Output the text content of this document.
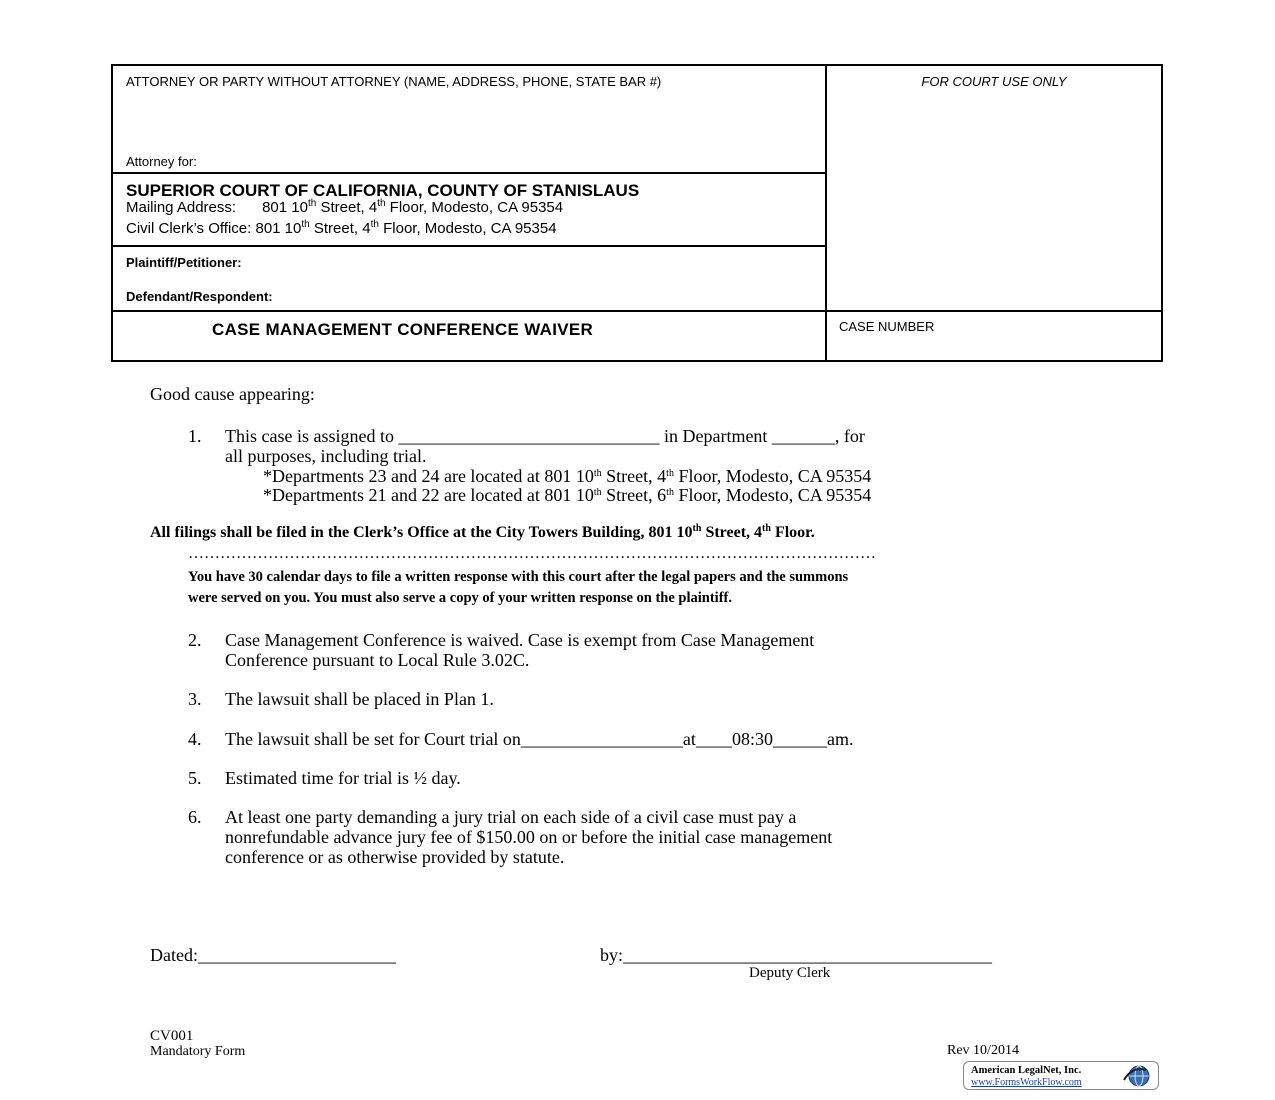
ATTORNEY OR PARTY WITHOUT ATTORNEY (NAME, ADDRESS, PHONE, STATE BAR #)
Attorney for:
FOR COURT USE ONLY
SUPERIOR COURT OF CALIFORNIA, COUNTY OF STANISLAUS
Mailing Address: 801 10th Street, 4th Floor, Modesto, CA 95354
Civil Clerk’s Office: 801 10th Street, 4th Floor, Modesto, CA 95354
Plaintiff/Petitioner:
Defendant/Respondent:
CASE MANAGEMENT CONFERENCE WAIVER	CASE NUMBER
Good cause appearing:
1. This case is assigned to _____________________________ in Department _______, for
all purposes, including trial.
*Departments 23 and 24 are located at 801 10th Street, 4th Floor, Modesto, CA 95354
*Departments 21 and 22 are located at 801 10th Street, 6th Floor, Modesto, CA 95354
All filings shall be filed in the Clerk’s Office at the City Towers Building, 801 10th Street, 4th Floor.
…………………………………………………………………………………………………………………
You have 30 calendar days to file a written response with this court after the legal papers and the summons
were served on you. You must also serve a copy of your written response on the plaintiff.
2. Case Management Conference is waived. Case is exempt from Case Management
Conference pursuant to Local Rule 3.02C.
3. The lawsuit shall be placed in Plan 1.
4. The lawsuit shall be set for Court trial on__________________at____08:30______am.
5. Estimated time for trial is ½ day.
6. At least one party demanding a jury trial on each side of a civil case must pay a
nonrefundable advance jury fee of $150.00 on or before the initial case management
conference or as otherwise provided by statute.
Dated:______________________	by:_________________________________________
Deputy Clerk
CV001
Mandatory Form	Rev 10/2014
American LegalNet, Inc.
www.FormsWorkFlow.com
